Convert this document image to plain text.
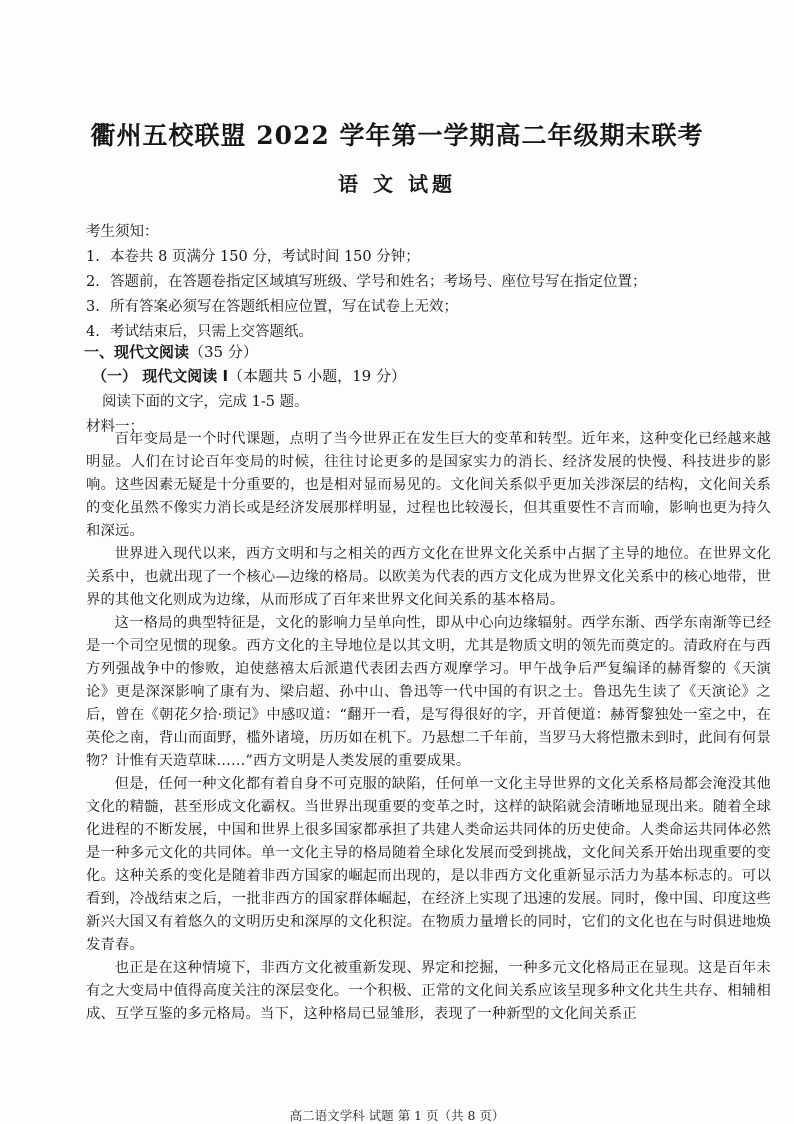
衢州五校联盟 2022 学年第一学期高二年级期末联考
语 文 试题
考生须知：
1. 本卷共 8 页满分 150 分，考试时间 150 分钟；
2. 答题前，在答题卷指定区域填写班级、学号和姓名；考场号、座位号写在指定位置；
3. 所有答案必须写在答题纸相应位置，写在试卷上无效；
4. 考试结束后，只需上交答题纸。
一、现代文阅读（35 分）
（一） 现代文阅读 I（本题共 5 小题，19 分）
阅读下面的文字，完成 1-5 题。
材料一：

百年变局是一个时代课题，点明了当今世界正在发生巨大的变革和转型。近年来，这种变化已经越来越明显。人们在讨论百年变局的时候，往往讨论更多的是国家实力的消长、经济发展的快慢、科技进步的影响。这些因素无疑是十分重要的，也是相对显而易见的。文化间关系似乎更加关涉深层的结构，文化间关系的变化虽然不像实力消长或是经济发展那样明显，过程也比较漫长，但其重要性不言而喻，影响也更为持久和深远。

世界进入现代以来，西方文明和与之相关的西方文化在世界文化关系中占据了主导的地位。在世界文化关系中，也就出现了一个核心—边缘的格局。以欧美为代表的西方文化成为世界文化关系中的核心地带，世界的其他文化则成为边缘，从而形成了百年来世界文化间关系的基本格局。

这一格局的典型特征是，文化的影响力呈单向性，即从中心向边缘辐射。西学东渐、西学东南渐等已经是一个司空见惯的现象。西方文化的主导地位是以其文明，尤其是物质文明的领先而奠定的。清政府在与西方列强战争中的惨败，迫使慈禧太后派遣代表团去西方观摩学习。甲午战争后严复编译的赫胥黎的《天演论》更是深深影响了康有为、梁启超、孙中山、鲁迅等一代中国的有识之士。鲁迅先生读了《天演论》之后，曾在《朝花夕拾·琐记》中感叹道：“翻开一看，是写得很好的字，开首便道：赫胥黎独处一室之中，在英伦之南，背山而面野，槛外诸境，历历如在机下。乃悬想二千年前，当罗马大将恺撒未到时，此间有何景物？计惟有天造草昧……”西方文明是人类发展的重要成果。

但是，任何一种文化都有着自身不可克服的缺陷，任何单一文化主导世界的文化关系格局都会淹没其他文化的精髓，甚至形成文化霸权。当世界出现重要的变革之时，这样的缺陷就会清晰地显现出来。随着全球化进程的不断发展，中国和世界上很多国家都承担了共建人类命运共同体的历史使命。人类命运共同体必然是一种多元文化的共同体。单一文化主导的格局随着全球化发展而受到挑战，文化间关系开始出现重要的变化。这种关系的变化是随着非西方国家的崛起而出现的，是以非西方文化重新显示活力为基本标志的。可以看到，冷战结束之后，一批非西方的国家群体崛起，在经济上实现了迅速的发展。同时，像中国、印度这些新兴大国又有着悠久的文明历史和深厚的文化积淀。在物质力量增长的同时，它们的文化也在与时俱进地焕发青春。

也正是在这种情境下，非西方文化被重新发现、界定和挖掘，一种多元文化格局正在显现。这是百年未有之大变局中值得高度关注的深层变化。一个积极、正常的文化间关系应该呈现多种文化共生共存、相辅相成、互学互鉴的多元格局。当下，这种格局已显雏形，表现了一种新型的文化间关系正

高二语文学科 试题 第 1 页（共 8 页）
